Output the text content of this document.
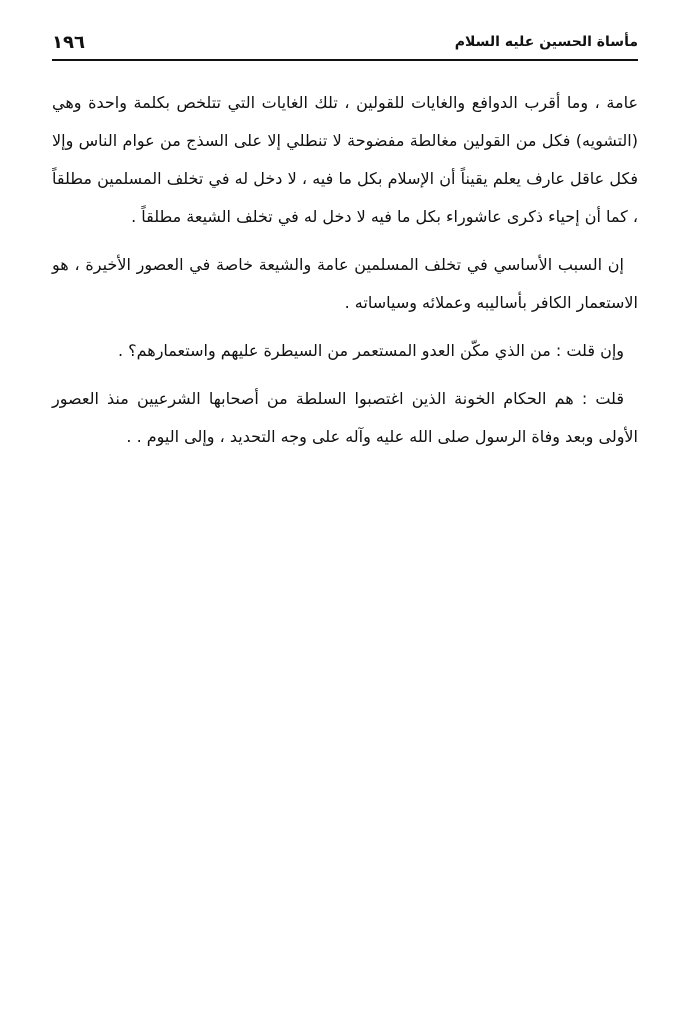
مأساة الحسين عليه السلام
١٩٦

عامة ، وما أقرب الدوافع والغايات للقولين ، تلك الغايات التي تتلخص بكلمة واحدة وهي (التشويه) فكل من القولين مغالطة مفضوحة لا تنطلي إلا على السذج من عوام الناس وإلا فكل عاقل عارف يعلم يقيناً أن الإسلام بكل ما فيه ، لا دخل له في تخلف المسلمين مطلقاً ، كما أن إحياء ذكرى عاشوراء بكل ما فيه لا دخل له في تخلف الشيعة مطلقاً .

إن السبب الأساسي في تخلف المسلمين عامة والشيعة خاصة في العصور الأخيرة ، هو الاستعمار الكافر بأساليبه وعملائه وسياساته .

وإن قلت : من الذي مكّن العدو المستعمر من السيطرة عليهم واستعمارهم؟ .

قلت : هم الحكام الخونة الذين اغتصبوا السلطة من أصحابها الشرعيين منذ العصور الأولى وبعد وفاة الرسول صلى الله عليه وآله على وجه التحديد ، وإلى اليوم . .
